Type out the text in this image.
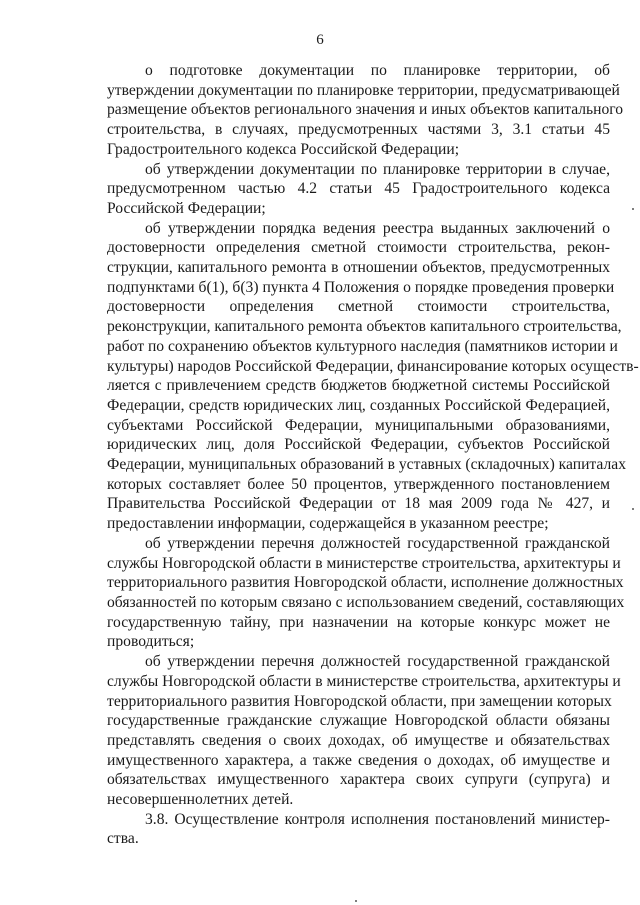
6
о подготовке документации по планировке территории, об
утверждении документации по планировке территории, предусматривающей
размещение объектов регионального значения и иных объектов капитального
строительства, в случаях, предусмотренных частями 3, 3.1 статьи 45
Градостроительного кодекса Российской Федерации;
об утверждении документации по планировке территории в случае,
предусмотренном частью 4.2 статьи 45 Градостроительного кодекса
Российской Федерации;
об утверждении порядка ведения реестра выданных заключений о
достоверности определения сметной стоимости строительства, рекон-
струкции, капитального ремонта в отношении объектов, предусмотренных
подпунктами б(1), б(3) пункта 4 Положения о порядке проведения проверки
достоверности определения сметной стоимости строительства,
реконструкции, капитального ремонта объектов капитального строительства,
работ по сохранению объектов культурного наследия (памятников истории и
культуры) народов Российской Федерации, финансирование которых осуществ-
ляется с привлечением средств бюджетов бюджетной системы Российской
Федерации, средств юридических лиц, созданных Российской Федерацией,
субъектами Российской Федерации, муниципальными образованиями,
юридических лиц, доля Российской Федерации, субъектов Российской
Федерации, муниципальных образований в уставных (складочных) капиталах
которых составляет более 50 процентов, утвержденного постановлением
Правительства Российской Федерации от 18 мая 2009 года № 427, и
предоставлении информации, содержащейся в указанном реестре;
об утверждении перечня должностей государственной гражданской
службы Новгородской области в министерстве строительства, архитектуры и
территориального развития Новгородской области, исполнение должностных
обязанностей по которым связано с использованием сведений, составляющих
государственную тайну, при назначении на которые конкурс может не
проводиться;
об утверждении перечня должностей государственной гражданской
службы Новгородской области в министерстве строительства, архитектуры и
территориального развития Новгородской области, при замещении которых
государственные гражданские служащие Новгородской области обязаны
представлять сведения о своих доходах, об имуществе и обязательствах
имущественного характера, а также сведения о доходах, об имуществе и
обязательствах имущественного характера своих супруги (супруга) и
несовершеннолетних детей.
3.8. Осуществление контроля исполнения постановлений министер-
ства.
